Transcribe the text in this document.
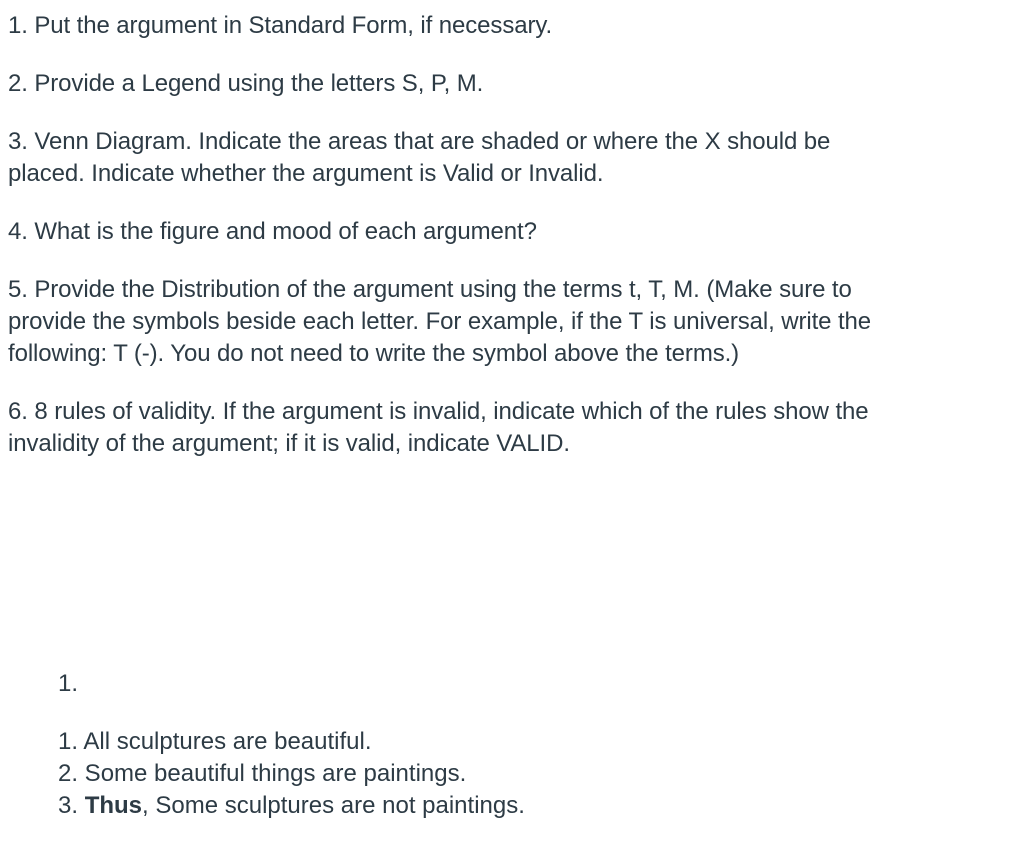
1. Put the argument in Standard Form, if necessary.
2. Provide a Legend using the letters S, P, M.
3. Venn Diagram. Indicate the areas that are shaded or where the X should be
placed. Indicate whether the argument is Valid or Invalid.
4. What is the figure and mood of each argument?
5. Provide the Distribution of the argument using the terms t, T, M. (Make sure to
provide the symbols beside each letter. For example, if the T is universal, write the
following: T (-). You do not need to write the symbol above the terms.)
6. 8 rules of validity. If the argument is invalid, indicate which of the rules show the
invalidity of the argument; if it is valid, indicate VALID.
1.
1. All sculptures are beautiful.
2. Some beautiful things are paintings.
3. Thus, Some sculptures are not paintings.
